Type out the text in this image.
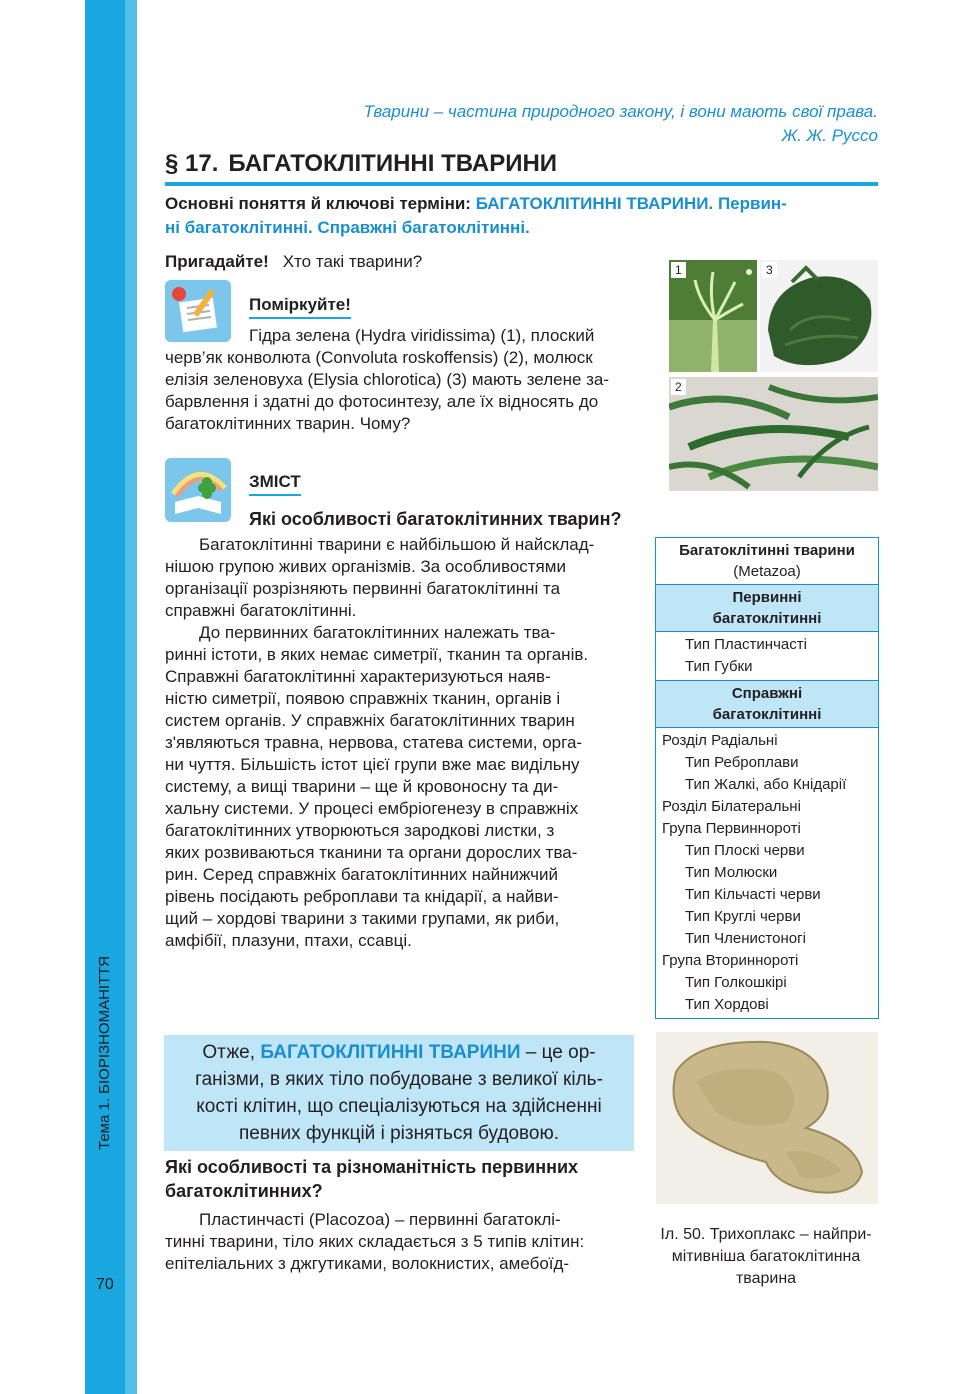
Тема 1. БІОРІЗНОМАНІТТЯ
70
Тварини – частина природного закону, і вони мають свої права.
Ж. Ж. Руссо
§ 17. БАГАТОКЛІТИННІ ТВАРИНИ
Основні поняття й ключові терміни: БАГАТОКЛІТИННІ ТВАРИНИ. Первин-
ні багатоклітинні. Справжні багатоклітинні.
Пригадайте! Хто такі тварини?
Поміркуйте!
Гідра зелена (Hydra viridissima) (1), плоский
черв’як конволюта (Convoluta roskoffensis) (2), молюск
елізія зеленовуха (Elysia chlorotica) (3) мають зелене за-
барвлення і здатні до фотосинтезу, але їх відносять до
багатоклітинних тварин. Чому?
1	3
2
ЗМІСТ
Які особливості багатоклітинних тварин?
Багатоклітинні тварини є найбільшою й найсклад-
нішою групою живих організмів. За особливостями
організації розрізняють первинні багатоклітинні та
справжні багатоклітинні.
До первинних багатоклітинних належать тва-
ринні істоти, в яких немає симетрії, тканин та органів.
Справжні багатоклітинні характеризуються наяв-
ністю симетрії, появою справжніх тканин, органів і
систем органів. У справжніх багатоклітинних тварин
з'являються травна, нервова, статева системи, орга-
ни чуття. Більшість істот цієї групи вже має видільну
систему, а вищі тварини – ще й кровоносну та ди-
хальну системи. У процесі ембріогенезу в справжніх
багатоклітинних утворюються зародкові листки, з
яких розвиваються тканини та органи дорослих тва-
рин. Серед справжніх багатоклітинних найнижчий
рівень посідають реброплави та кнідарії, а найви-
щий – хордові тварини з такими групами, як риби,
амфібії, плазуни, птахи, ссавці.
Багатоклітинні тварини
(Metazoa)
Первинні
багатоклітинні
Тип Пластинчасті
Тип Губки
Справжні
багатоклітинні
Розділ Радіальні
Тип Реброплави
Тип Жалкі, або Кнідарії
Розділ Білатеральні
Група Первиннороті
Тип Плоскі черви
Тип Молюски
Тип Кільчасті черви
Тип Круглі черви
Тип Членистоногі
Група Вториннороті
Тип Голкошкірі
Тип Хордові
Отже, БАГАТОКЛІТИННІ ТВАРИНИ – це ор-
ганізми, в яких тіло побудоване з великої кіль-
кості клітин, що спеціалізуються на здійсненні
певних функцій і різняться будовою.
Іл. 50. Трихоплакс – найпри-
мітивніша багатоклітинна
тварина
Які особливості та різноманітність первинних
багатоклітинних?
Пластинчасті (Placozoa) – первинні багатоклі-
тинні тварини, тіло яких складається з 5 типів клітин:
епітеліальних з джгутиками, волокнистих, амебоїд-
